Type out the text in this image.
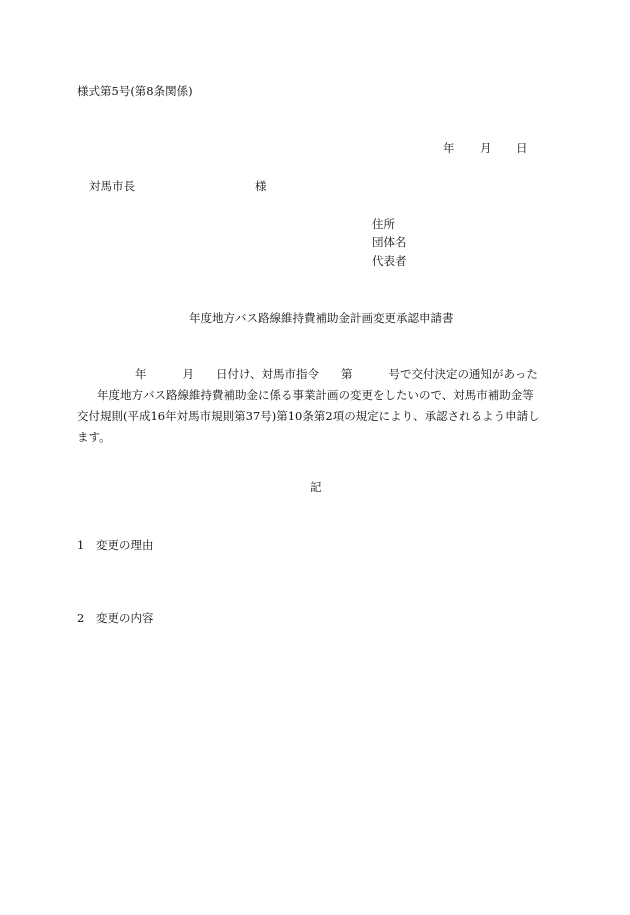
様式第5号(第8条関係)
年 月 日
対馬市長	様
住所
団体名
代表者
年度地方バス路線維持費補助金計画変更承認申請書
年	月 日付け、対馬市指令 第	号で交付決定の通知があった
年度地方バス路線維持費補助金に係る事業計画の変更をしたいので、対馬市補助金等
交付規則(平成16年対馬市規則第37号)第10条第2項の規定により、承認されるよう申請し
ます。
記
1 変更の理由
2 変更の内容
